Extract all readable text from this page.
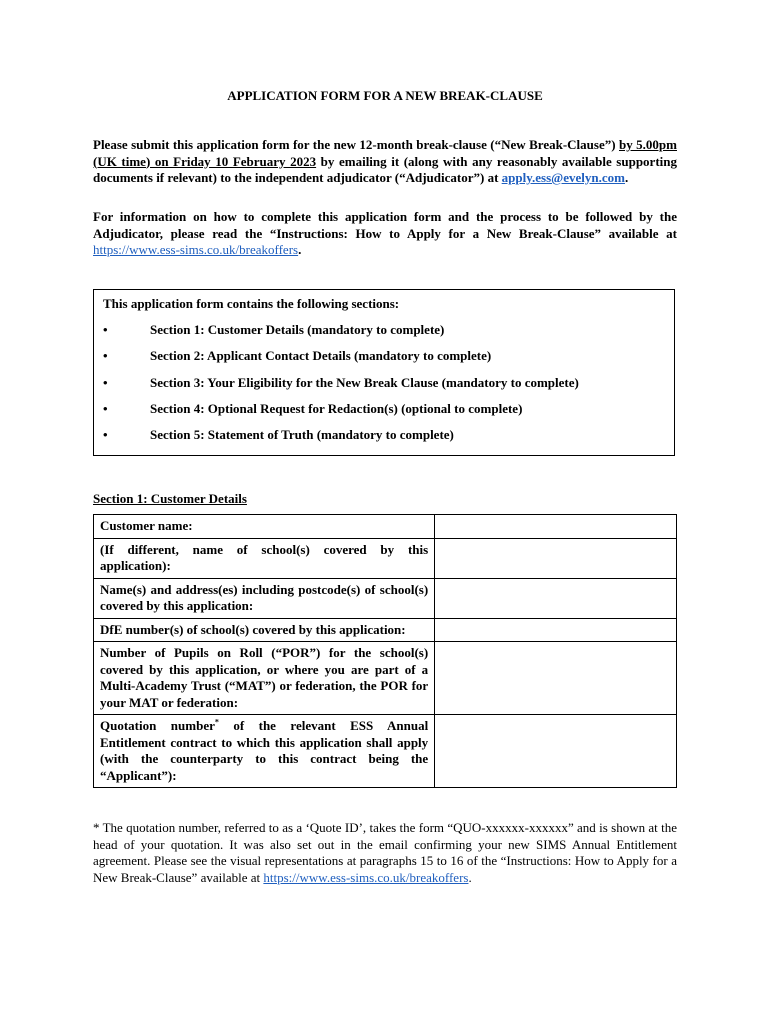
APPLICATION FORM FOR A NEW BREAK-CLAUSE

Please submit this application form for the new 12-month break-clause (“New Break-Clause”) by 5.00pm (UK time) on Friday 10 February 2023 by emailing it (along with any reasonably available supporting documents if relevant) to the independent adjudicator (“Adjudicator”) at apply.ess@evelyn.com.

For information on how to complete this application form and the process to be followed by the Adjudicator, please read the “Instructions: How to Apply for a New Break-Clause” available at https://www.ess-sims.co.uk/breakoffers.

This application form contains the following sections:
•	Section 1: Customer Details (mandatory to complete)
•	Section 2: Applicant Contact Details (mandatory to complete)
•	Section 3: Your Eligibility for the New Break Clause (mandatory to complete)
•	Section 4: Optional Request for Redaction(s) (optional to complete)
•	Section 5: Statement of Truth (mandatory to complete)
Section 1: Customer Details
Customer name:	
(If different, name of school(s) covered by this application):	
Name(s) and address(es) including postcode(s) of school(s) covered by this application:	
DfE number(s) of school(s) covered by this application:	
Number of Pupils on Roll (“POR”) for the school(s) covered by this application, or where you are part of a Multi-Academy Trust (“MAT”) or federation, the POR for your MAT or federation:	
Quotation number* of the relevant ESS Annual Entitlement contract to which this application shall apply (with the counterparty to this contract being the “Applicant”):	

* The quotation number, referred to as a ‘Quote ID’, takes the form “QUO-xxxxxx-xxxxxx” and is shown at the head of your quotation. It was also set out in the email confirming your new SIMS Annual Entitlement agreement. Please see the visual representations at paragraphs 15 to 16 of the “Instructions: How to Apply for a New Break-Clause” available at https://www.ess-sims.co.uk/breakoffers.
